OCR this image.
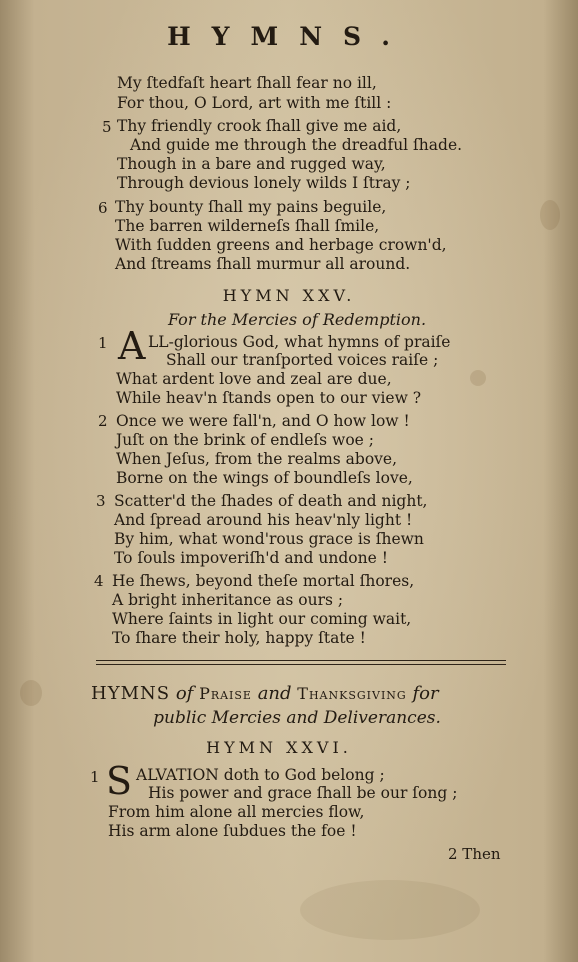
HYMNS.
My ſtedfaſt heart ſhall fear no ill,
For thou, O Lord, art with me ſtill :
5 Thy friendly crook ſhall give me aid,
And guide me through the dreadful ſhade.
Though in a bare and rugged way,
Through devious lonely wilds I ſtray ;
6 Thy bounty ſhall my pains beguile,
The barren wilderneſs ſhall ſmile,
With ſudden greens and herbage crown'd,
And ſtreams ſhall murmur all around.
HYMN XXV.
For the Mercies of Redemption.
1 A LL-glorious God, what hymns of praiſe
Shall our tranſported voices raiſe ;
What ardent love and zeal are due,
While heav'n ſtands open to our view ?
2 Once we were fall'n, and O how low !
Juſt on the brink of endleſs woe ;
When Jeſus, from the realms above,
Borne on the wings of boundleſs love,
3 Scatter'd the ſhades of death and night,
And ſpread around his heav'nly light !
By him, what wond'rous grace is ſhewn
To ſouls impoveriſh'd and undone !
4 He ſhews, beyond theſe mortal ſhores,
A bright inheritance as ours ;
Where ſaints in light our coming wait,
To ſhare their holy, happy ſtate !
HYMNS of Praise and Thanksgiving for
public Mercies and Deliverances.
HYMN XXVI.
1 S ALVATION doth to God belong ;
His power and grace ſhall be our ſong ;
From him alone all mercies flow,
His arm alone ſubdues the foe !
2 Then
